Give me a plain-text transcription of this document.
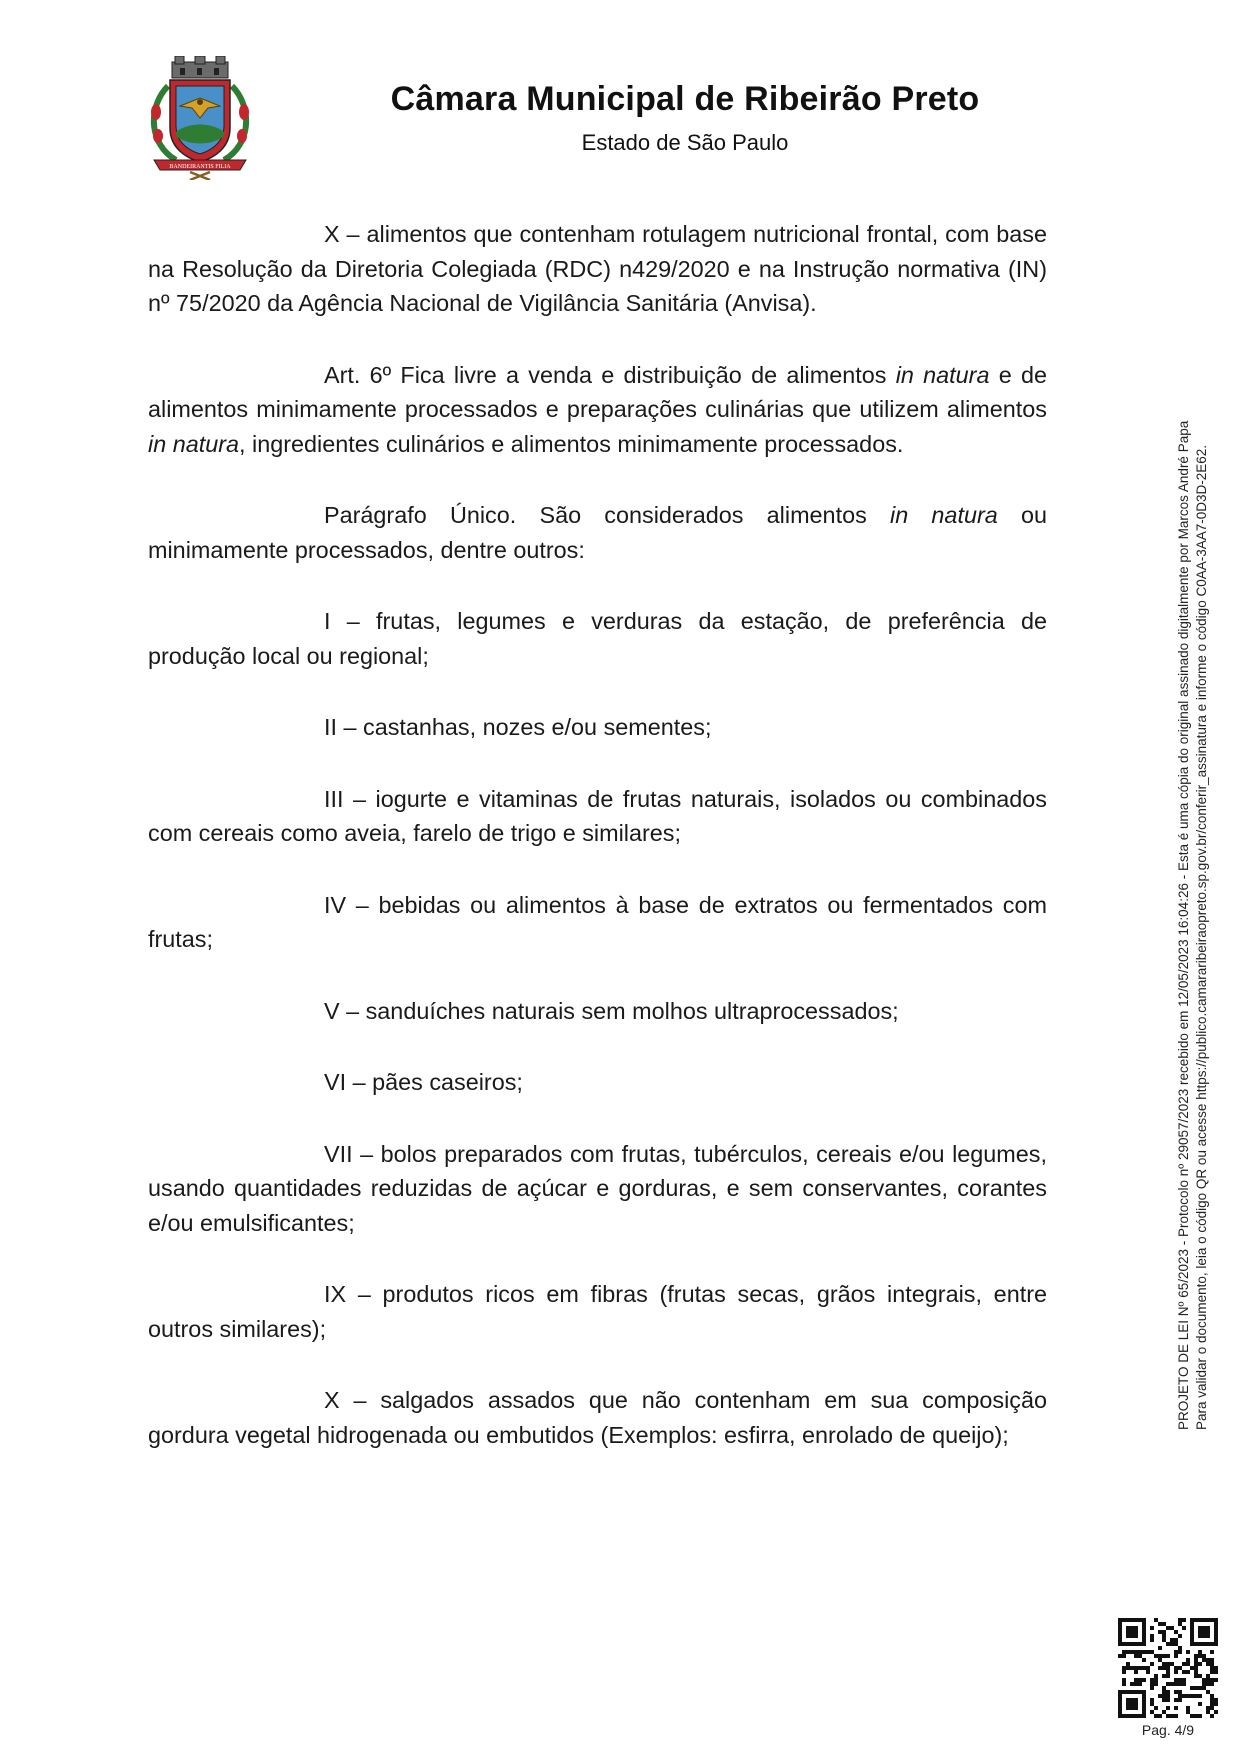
BANDEIRANTIS FILIA
Câmara Municipal de Ribeirão Preto
Estado de São Paulo

X – alimentos que contenham rotulagem nutricional frontal, com base na Resolução da Diretoria Colegiada (RDC) n429/2020 e na Instrução normativa (IN) nº 75/2020 da Agência Nacional de Vigilância Sanitária (Anvisa).

Art. 6º Fica livre a venda e distribuição de alimentos in natura e de alimentos minimamente processados e preparações culinárias que utilizem alimentos in natura, ingredientes culinários e alimentos minimamente processados.

Parágrafo Único. São considerados alimentos in natura ou minimamente processados, dentre outros:

I – frutas, legumes e verduras da estação, de preferência de produção local ou regional;

II – castanhas, nozes e/ou sementes;

III – iogurte e vitaminas de frutas naturais, isolados ou combinados com cereais como aveia, farelo de trigo e similares;

IV – bebidas ou alimentos à base de extratos ou fermentados com frutas;

V – sanduíches naturais sem molhos ultraprocessados;

VI – pães caseiros;

VII – bolos preparados com frutas, tubérculos, cereais e/ou legumes, usando quantidades reduzidas de açúcar e gorduras, e sem conservantes, corantes e/ou emulsificantes;

IX – produtos ricos em fibras (frutas secas, grãos integrais, entre outros similares);

X – salgados assados que não contenham em sua composição gordura vegetal hidrogenada ou embutidos (Exemplos: esfirra, enrolado de queijo);

PROJETO DE LEI Nº 65/2023 - Protocolo nº 29057/2023 recebido em 12/05/2023 16:04:26 - Esta é uma cópia do original assinado digitalmente por Marcos André Papa Para validar o documento, leia o código QR ou acesse https://publico.camararibeiraopreto.sp.gov.br/conferir_assinatura e informe o código C0AA-3AA7-0D3D-2E62.
Pag. 4/9
